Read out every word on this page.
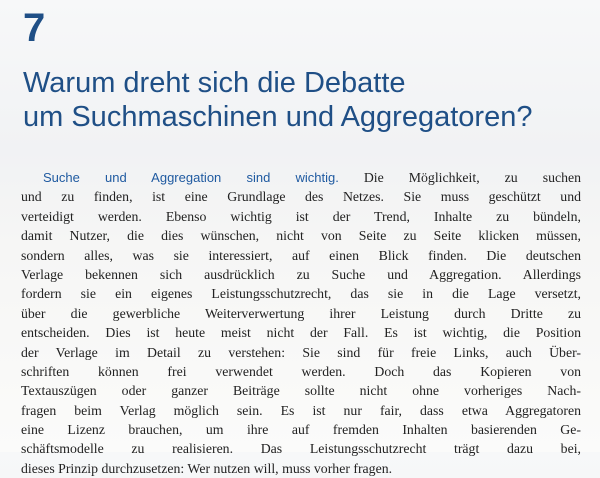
7
Warum dreht sich die Debatte
um Suchmaschinen und Aggregatoren?
Suche und Aggregation sind wichtig. Die Möglichkeit, zu suchen
und zu finden, ist eine Grundlage des Netzes. Sie muss geschützt und
verteidigt werden. Ebenso wichtig ist der Trend, Inhalte zu bündeln,
damit Nutzer, die dies wünschen, nicht von Seite zu Seite klicken müssen,
sondern alles, was sie interessiert, auf einen Blick finden. Die deutschen
Verlage bekennen sich ausdrücklich zu Suche und Aggregation. Allerdings
fordern sie ein eigenes Leistungsschutzrecht, das sie in die Lage versetzt,
über die gewerbliche Weiterverwertung ihrer Leistung durch Dritte zu
entscheiden. Dies ist heute meist nicht der Fall. Es ist wichtig, die Position
der Verlage im Detail zu verstehen: Sie sind für freie Links, auch Über-
schriften können frei verwendet werden. Doch das Kopieren von
Textauszügen oder ganzer Beiträge sollte nicht ohne vorheriges Nach-
fragen beim Verlag möglich sein. Es ist nur fair, dass etwa Aggregatoren
eine Lizenz brauchen, um ihre auf fremden Inhalten basierenden Ge-
schäftsmodelle zu realisieren. Das Leistungsschutzrecht trägt dazu bei,
dieses Prinzip durchzusetzen: Wer nutzen will, muss vorher fragen.
